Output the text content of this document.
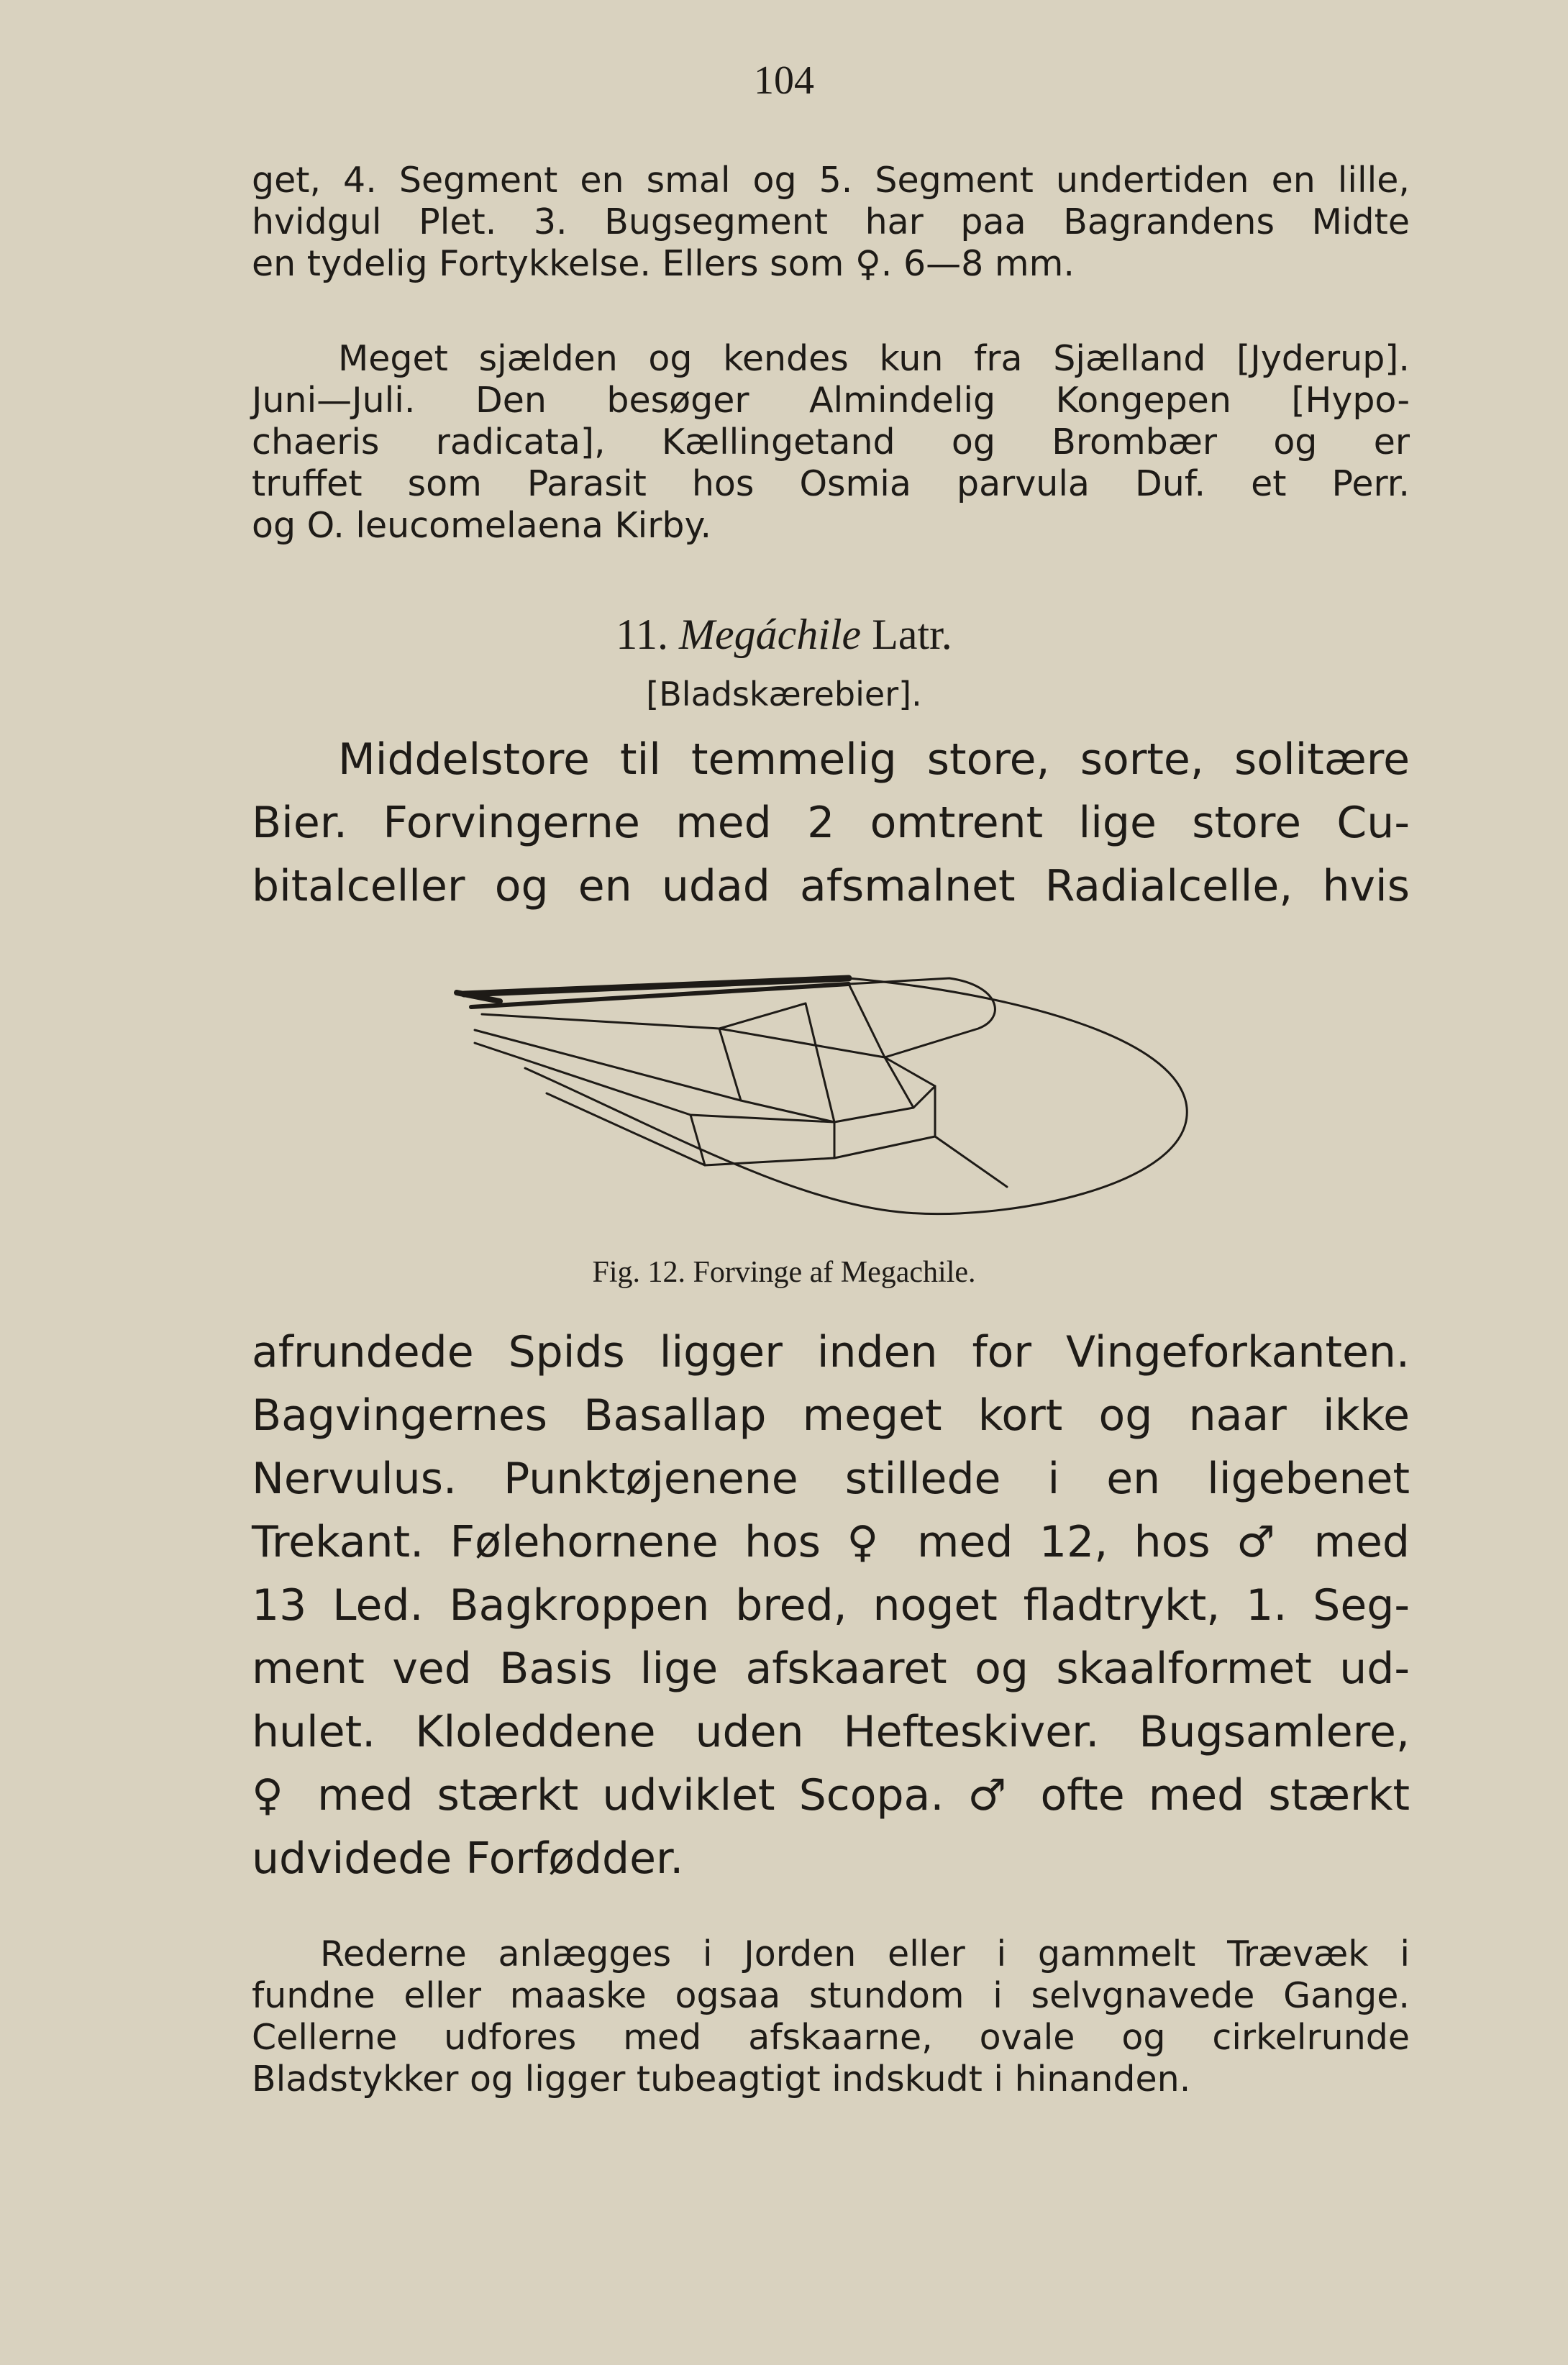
104
get, 4. Segment en smal og 5. Segment undertiden en lille,
hvidgul Plet. 3. Bugsegment har paa Bagrandens Midte
en tydelig Fortykkelse. Ellers som ♀. 6—8 mm.
Meget sjælden og kendes kun fra Sjælland [Jyderup].
Juni—Juli. Den besøger Almindelig Kongepen [Hypo-
chaeris radicata], Kællingetand og Brombær og er
truffet som Parasit hos Osmia parvula Duf. et Perr.
og O. leucomelaena Kirby.
11. Megáchile Latr.
[Bladskærebier].
Middelstore til temmelig store, sorte, solitære
Bier. Forvingerne med 2 omtrent lige store Cu-
bitalceller og en udad afsmalnet Radialcelle, hvis
Fig. 12. Forvinge af Megachile.
afrundede Spids ligger inden for Vingeforkanten.
Bagvingernes Basallap meget kort og naar ikke
Nervulus. Punktøjenene stillede i en ligebenet
Trekant. Følehornene hos ♀ med 12, hos ♂ med
13 Led. Bagkroppen bred, noget fladtrykt, 1. Seg-
ment ved Basis lige afskaaret og skaalformet ud-
hulet. Kloleddene uden Hefteskiver. Bugsamlere,
♀ med stærkt udviklet Scopa. ♂ ofte med stærkt
udvidede Forfødder.
Rederne anlægges i Jorden eller i gammelt Trævæk i
fundne eller maaske ogsaa stundom i selvgnavede Gange.
Cellerne udfores med afskaarne, ovale og cirkelrunde
Bladstykker og ligger tubeagtigt indskudt i hinanden.
